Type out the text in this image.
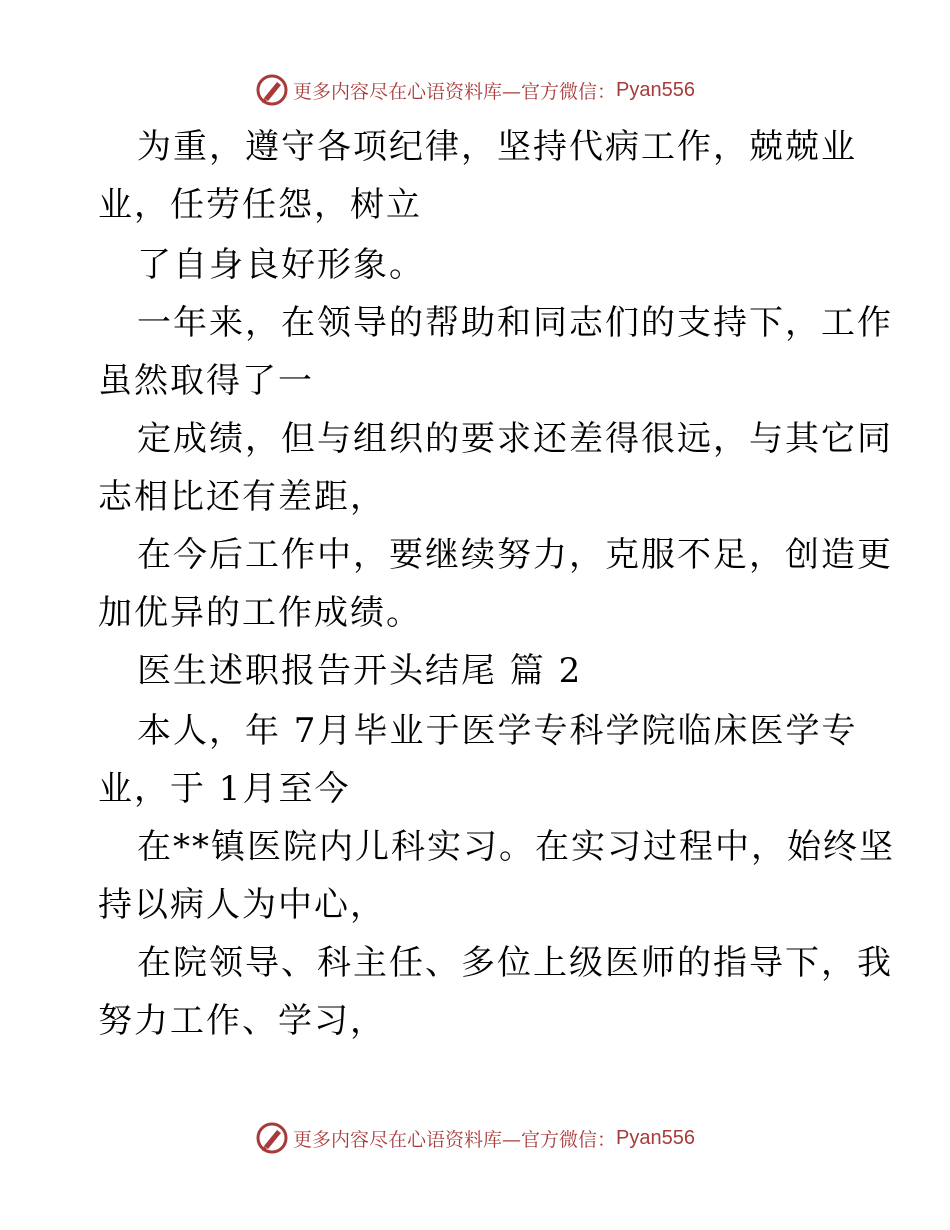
更多内容尽在心语资料库—官方微信： Pyan556
为重，遵守各项纪律，坚持代病工作，兢兢业
业，任劳任怨，树立
了自身良好形象。
一年来，在领导的帮助和同志们的支持下，工作
虽然取得了一
定成绩，但与组织的要求还差得很远，与其它同
志相比还有差距，
在今后工作中，要继续努力，克服不足，创造更
加优异的工作成绩。
医生述职报告开头结尾 篇 2
本人，年 7月毕业于医学专科学院临床医学专
业，于 1月至今
在**镇医院内儿科实习。在实习过程中，始终坚
持以病人为中心，
在院领导、科主任、多位上级医师的指导下，我
努力工作、学习，
更多内容尽在心语资料库—官方微信： Pyan556
